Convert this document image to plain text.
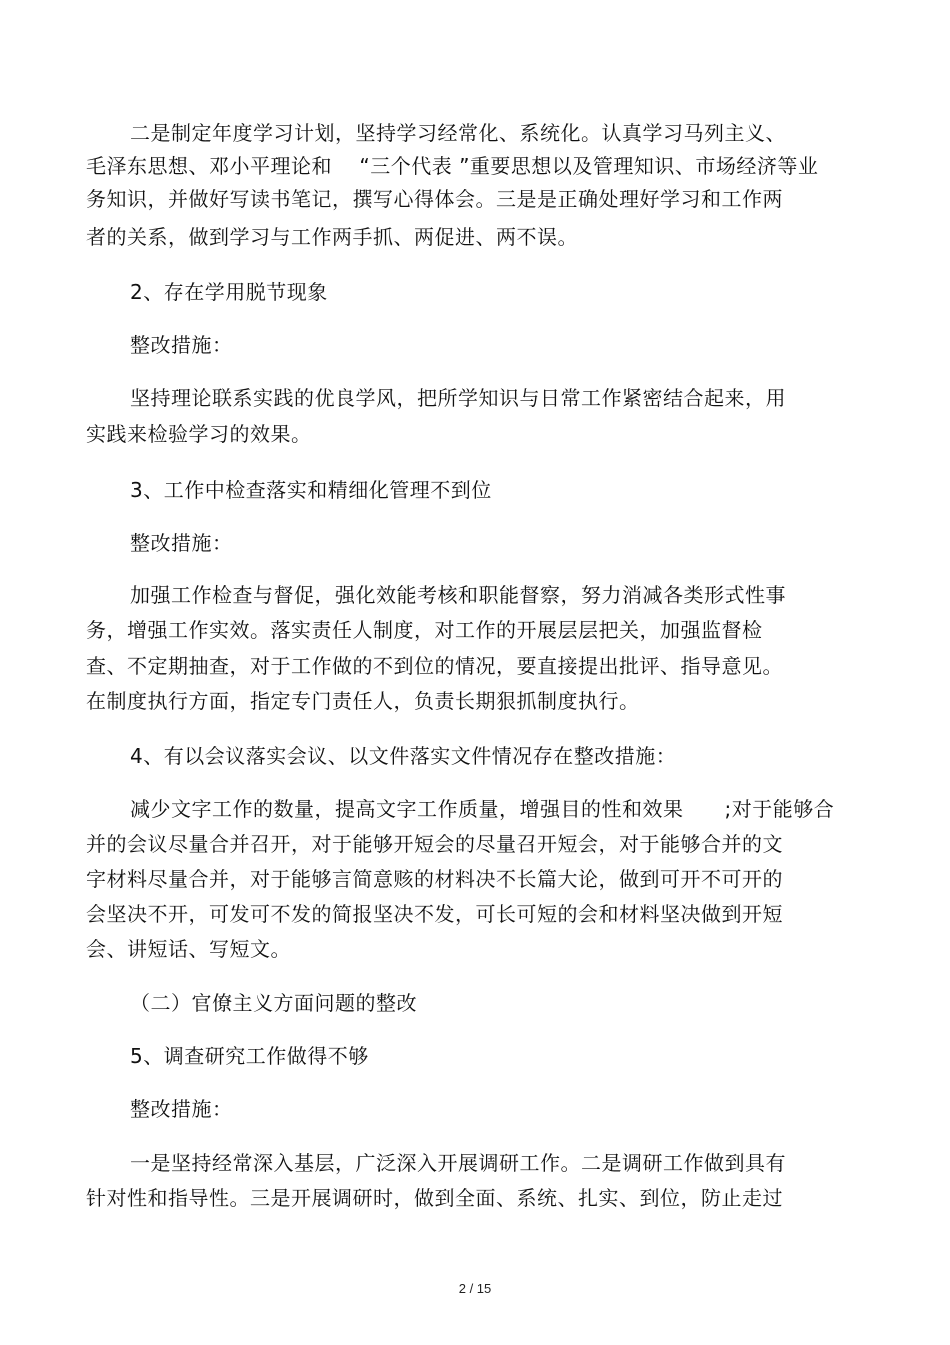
二是制定年度学习计划，坚持学习经常化、系统化。认真学习马列主义、
毛泽东思想、邓小平理论和　 “三个代表 ”重要思想以及管理知识、市场经济等业
务知识，并做好写读书笔记，撰写心得体会。三是是正确处理好学习和工作两
者的关系，做到学习与工作两手抓、两促进、两不误。
2、存在学用脱节现象
整改措施：
坚持理论联系实践的优良学风，把所学知识与日常工作紧密结合起来，用
实践来检验学习的效果。
3、工作中检查落实和精细化管理不到位
整改措施：
加强工作检查与督促，强化效能考核和职能督察，努力消减各类形式性事
务，增强工作实效。落实责任人制度，对工作的开展层层把关，加强监督检
查、不定期抽查，对于工作做的不到位的情况，要直接提出批评、指导意见。
在制度执行方面，指定专门责任人，负责长期狠抓制度执行。
4、有以会议落实会议、以文件落实文件情况存在整改措施：
减少文字工作的数量，提高文字工作质量，增强目的性和效果　　;对于能够合
并的会议尽量合并召开，对于能够开短会的尽量召开短会，对于能够合并的文
字材料尽量合并，对于能够言简意赅的材料决不长篇大论，做到可开不可开的
会坚决不开，可发可不发的简报坚决不发，可长可短的会和材料坚决做到开短
会、讲短话、写短文。
（二）官僚主义方面问题的整改
5、调查研究工作做得不够
整改措施：
一是坚持经常深入基层，广泛深入开展调研工作。二是调研工作做到具有
针对性和指导性。三是开展调研时，做到全面、系统、扎实、到位，防止走过
2 / 15
